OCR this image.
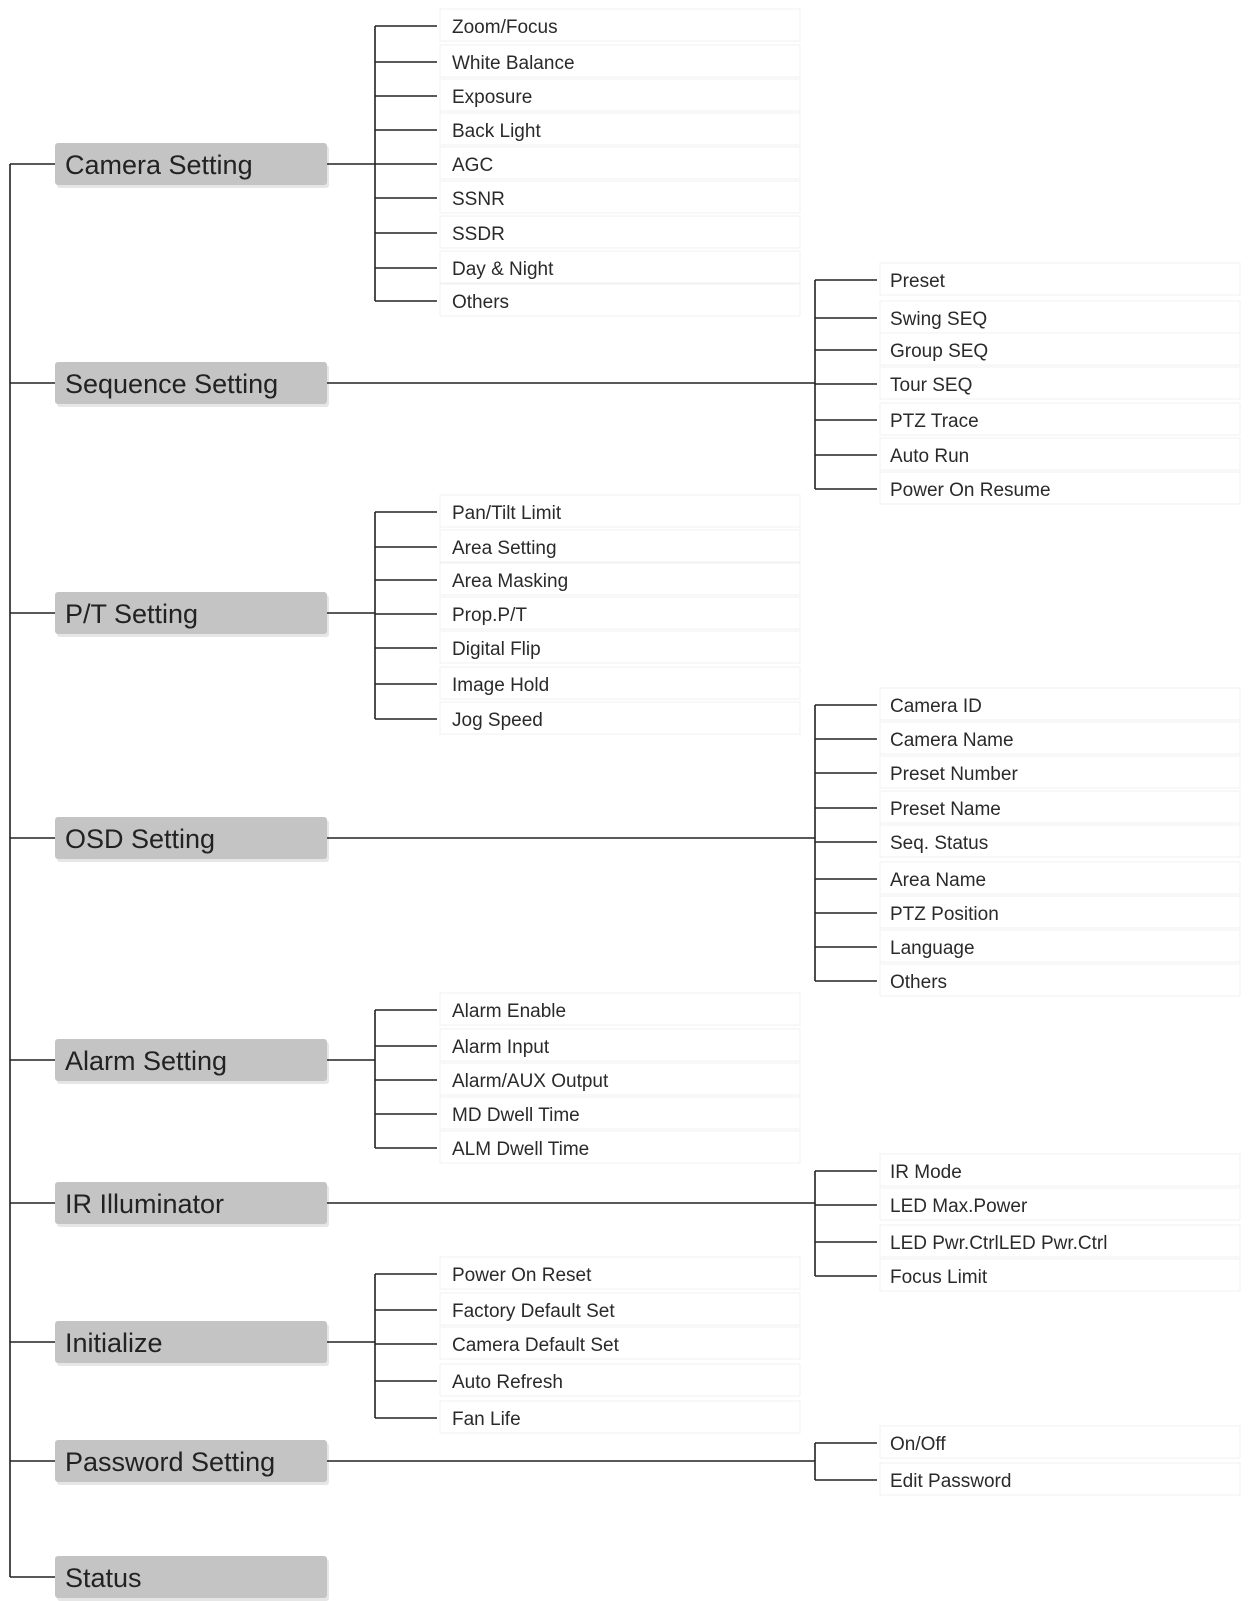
Camera Setting
Zoom/Focus
White Balance
Exposure
Back Light
AGC
SSNR
SSDR
Day & Night
Others
Sequence Setting
Preset
Swing SEQ
Group SEQ
Tour SEQ
PTZ Trace
Auto Run
Power On Resume
P/T Setting
Pan/Tilt Limit
Area Setting
Area Masking
Prop.P/T
Digital Flip
Image Hold
Jog Speed
OSD Setting
Camera ID
Camera Name
Preset Number
Preset Name
Seq. Status
Area Name
PTZ Position
Language
Others
Alarm Setting
Alarm Enable
Alarm Input
Alarm/AUX Output
MD Dwell Time
ALM Dwell Time
IR Illuminator
IR Mode
LED Max.Power
LED Pwr.CtrlLED Pwr.Ctrl
Focus Limit
Initialize
Power On Reset
Factory Default Set
Camera Default Set
Auto Refresh
Fan Life
Password Setting
On/Off
Edit Password
Status
